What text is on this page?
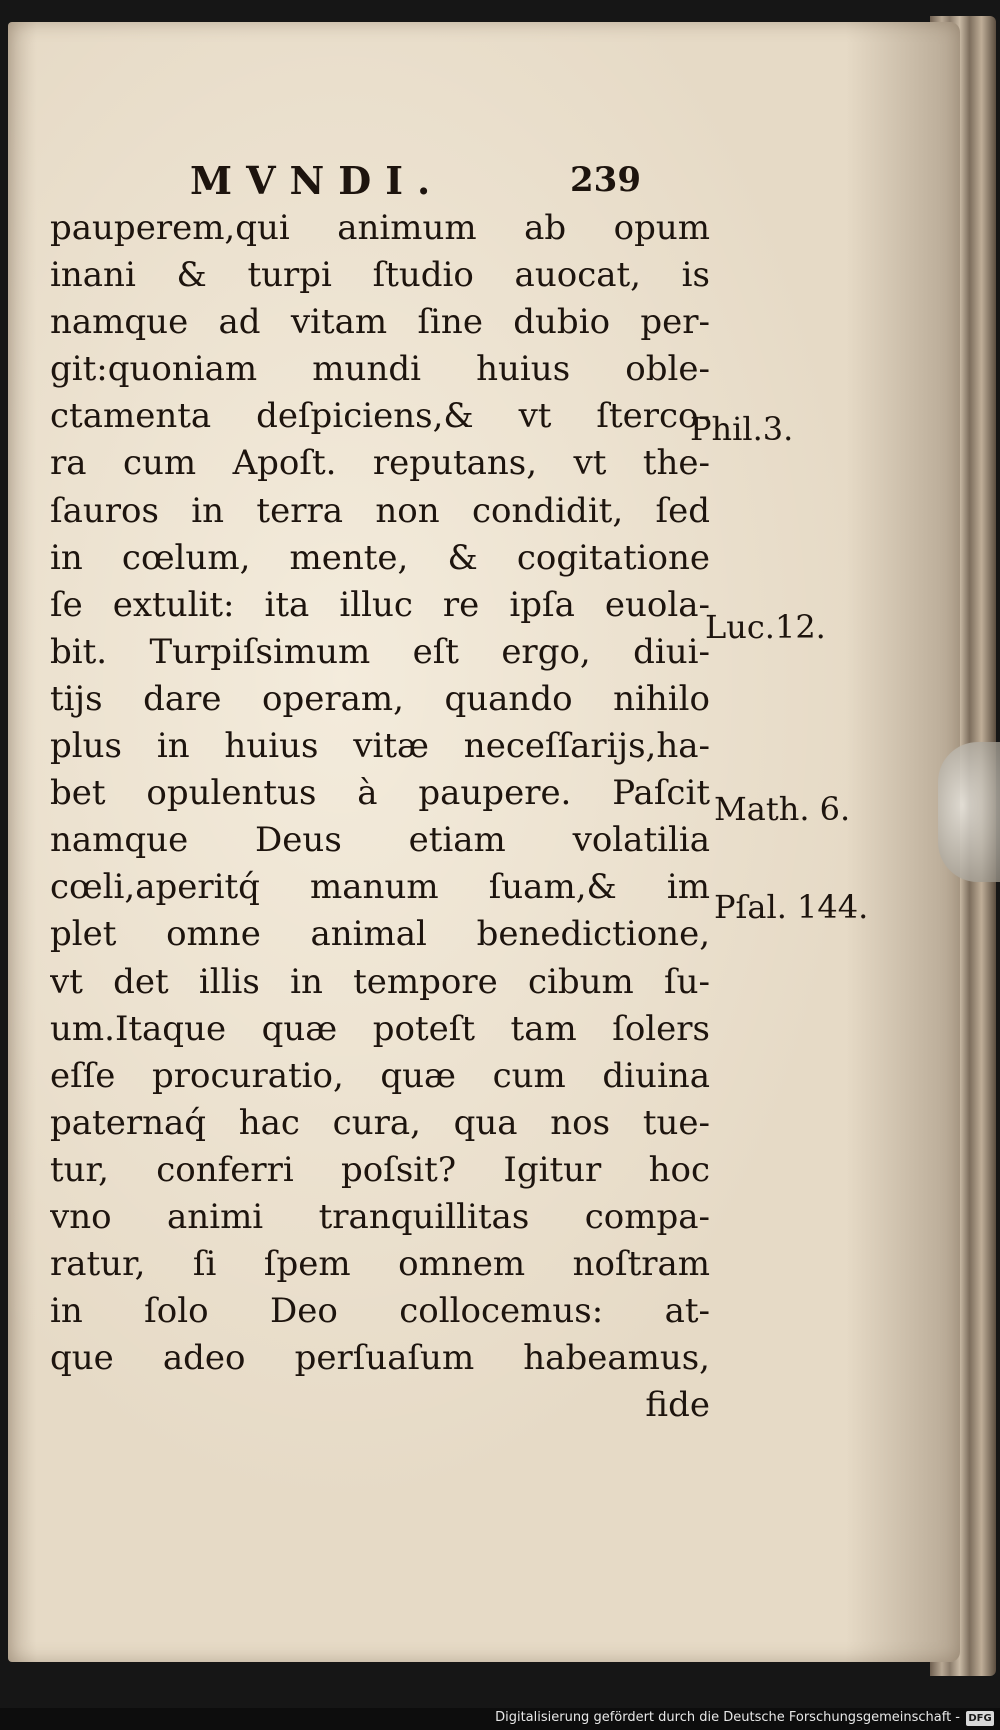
MVNDI.	239
pauperem,qui animum ab opum
inani & turpi ſtudio auocat, is
namque ad vitam ſine dubio per-
git:quoniam mundi huius oble-
ctamenta deſpiciens,& vt ſterco-
ra cum Apoſt. reputans, vt the-
ſauros in terra non condidit, ſed
in cœlum, mente, & cogitatione
ſe extulit: ita illuc re ipſa euola-
bit. Turpiſsimum eſt ergo, diui-
tijs dare operam, quando nihilo
plus in huius vitæ neceſſarijs,ha-
bet opulentus à paupere. Paſcit
namque Deus etiam volatilia
cœli,aperitq́ manum ſuam,& im
plet omne animal benedictione,
vt det illis in tempore cibum ſu-
um.Itaque quæ poteſt tam ſolers
eſſe procuratio, quæ cum diuina
paternaq́ hac cura, qua nos tue-
tur, conferri poſsit? Igitur hoc
vno animi tranquillitas compa-
ratur, ſi ſpem omnem noſtram
in ſolo Deo collocemus: at-
que adeo perſuaſum habeamus,
fide
Phil.3.
Luc.12.
Math. 6.
Pſal. 144.
Digitalisierung gefördert durch die Deutsche Forschungsgemeinschaft - DFG
